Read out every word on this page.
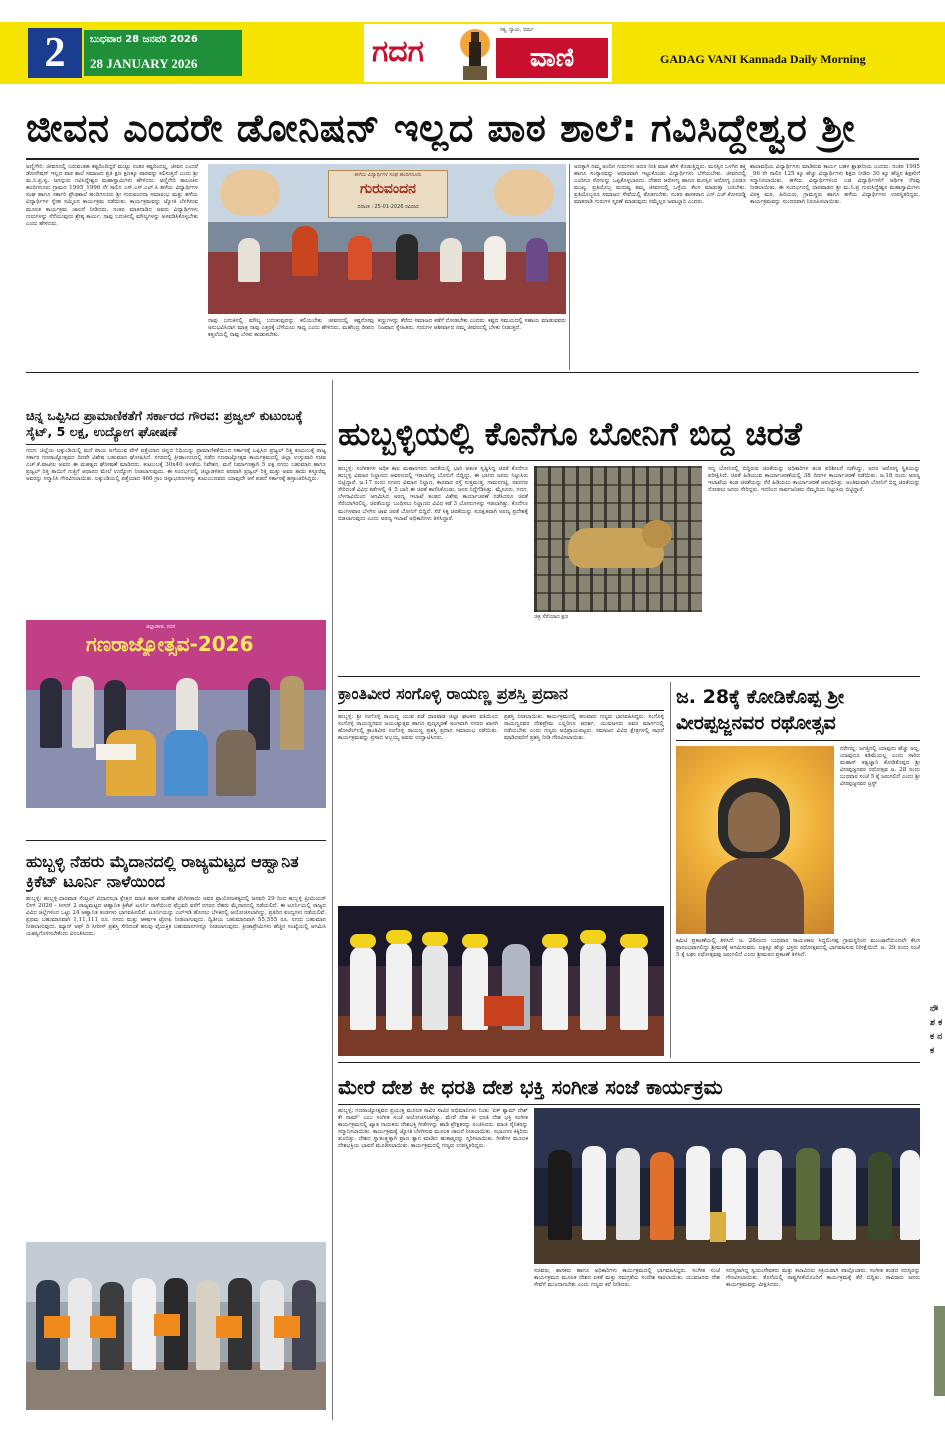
2	ಬುಧವಾರ 28 ಜನವರಿ 2026
28 JANUARY 2026	ಗದಗ
ಸತ್ಯ, ನ್ಯಾಯ, ಧರ್ಮ
ವಾಣಿ	GADAG VANI Kannada Daily Morning
ಜೀವನ ಎಂದರೇ ಡೋನಿಷನ್ ಇಲ್ಲದ ಪಾಠ ಶಾಲೆ: ಗವಿಸಿದ್ದೇಶ್ವರ ಶ್ರೀ
ಅಣ್ಣಿಗೇರಿ: ಜೀವನದಲ್ಲಿ ಬರುವಂತಹ ಕಷ್ಟದಿಂದಿದ್ದರೆ ಮುಟ್ಟು ನಂತರ ಕಷ್ಟದಿಂದಲ್ಲ, ಜೀವನ ಎಂದರೆ ಡೋನೇಷನ್ ಇಲ್ಲದ ಪಾಠ ಶಾಲೆ ಸಮಾಜದ ಪ್ರತಿ ಕ್ಷಣ ಕ್ಷಣಕ್ಕೂ ಪಾಠವನ್ನು ಕಲಿಸುತ್ತದೆ ಎಂದು ಶ್ರೀ ಮ.ನಿ.ಪ್ರ.ಸ್ವ. ಜಗದ್ಗುರು ಗವಿಸಿದ್ದೇಶ್ವರ ಮಹಾಸ್ವಾಮಿಗಳು ಹೇಳಿದರು. ಅಣ್ಣಿಗೇರಿ ತಾಲೂಕಿನ ಹಂದಿಗನೂರು ಗ್ರಾಮದ 1995_1996 ನೇ ಸಾಲಿನ ಎಸ್.ಎಸ್.ಎಲ್.ಸಿ ಹಳೆಯ ವಿದ್ಯಾರ್ಥಿಗಳ ಸಂಘ ಹಾಗೂ ಸರ್ಕಾರಿ ಪ್ರೌಢಶಾಲೆ ಹಂದಿಗನೂರು ಶ್ರೀ ಗುರುವಂದನಾ ಸಮಾರಂಭ ಮತ್ತು ಹಳೆಯ ವಿದ್ಯಾರ್ಥಿಗಳ ಸ್ನೇಹ ಸಮ್ಮಿಲನ ಕಾರ್ಯಕ್ರಮ ನಡೆಯಿತು. ಕಾರ್ಯಕ್ರಮವನ್ನು ಜ್ಯೋತಿ ಬೆಳಗಿಸುವ ಮೂಲಕ ಕಾರ್ಯಕ್ರಮ ಚಾಲನೆ ನೀಡಿದರು. ನಂತರ ಮಾತನಾಡಿದ ಅವರು ವಿದ್ಯಾರ್ಥಿಗಳು ಗುರುಗಳನ್ನು ನೆನೆಯುವುದು ಶ್ರೇಷ್ಠ ಕಾರ್ಯ. ನಾವು ಬದುಕಿನಲ್ಲಿ ಮೌಲ್ಯಗಳನ್ನು ಅಳವಡಿಸಿಕೊಳ್ಳಬೇಕು ಎಂದು ಹೇಳಿದರು.
ಹಳೆಯ ವಿದ್ಯಾರ್ಥಿಗಳ ಸಂಘ ಹಂದಿಗನೂರು
ಗುರುವಂದನ
ದಿನಾಂಕ : 25-01-2026 ರವಿವಾರ
ನಾವು ಬದುಕಿನಲ್ಲಿ ಮೌಲ್ಯ ಬದುಕುವುದನ್ನು ಕಲಿಯಬೇಕು ಜೀವನದಲ್ಲಿ ಕಷ್ಟನೋವು ಅನುಭವಿಸಿದಾಗ ಮಾತ್ರ ನಾವು ಎತ್ತರಕ್ಕೆ ಬೆಳೆಯಲು ಸಾಧ್ಯ ಎಂದು ಹೇಳಿದರು. ಮಹೇಂದ್ರ ದೀಪದ ಕತ್ತಲೆಯಲ್ಲಿ ನಾವು ಬೆಳಕು ಹುಡುಕಬೇಕು.
ಕಣ್ಣುಗಳನ್ನು ತೆರೆದು ಸಮಾಜದ ಕಡೆಗೆ ನೋಡಬೇಕು ಎಂದರು. ಕಷ್ಟದ ಸಮಯದಲ್ಲಿ ಸಹಾಯ ಮಾಡುವವರು ನಿಜವಾದ ಸ್ನೇಹಿತರು. ಗುರುಗಳ ಆಶೀರ್ವಾದ ನಮ್ಮ ಜೀವನದಲ್ಲಿ ಬೆಳಕು ನೀಡುತ್ತದೆ.
ಅದಕ್ಕಾಗಿ ನಮ್ಮ ಅಂದಿನ ಗುರುಗಳು ಅದರ ನೀತಿ ಮಾತ ಹೇಳಿ ಕೊಡುತ್ತಿದ್ದರು. ಮನಸ್ಸಿನ ಒಳಗಿನ ಶಕ್ತಿ ಹಾಗೂ ಸಂಸ್ಕಾರವನ್ನು ಆಧಾರವಾಗಿ ಇಟ್ಟುಕೊಂಡು ವಿದ್ಯಾರ್ಥಿಗಳು ಬೆಳೆಯಬೇಕು. ಜೀವನದಲ್ಲಿ ಎಂದಿಗೂ ಸೋಲನ್ನು ಒಪ್ಪಿಕೊಳ್ಳಬಾರದು. ದೇಹದ ಆರೋಗ್ಯ ಹಾಗೂ ಮನಸ್ಸಿನ ಆರೋಗ್ಯ ಎರಡೂ ಮುಖ್ಯ. ಪ್ರತಿಯೊಬ್ಬ ಮನುಷ್ಯ ತಮ್ಮ ಜೀವನದಲ್ಲಿ ಒಳ್ಳೆಯ ಕೆಲಸ ಮಾಡುತ್ತಾ ಬರಬೇಕು. ಪ್ರತಿಯೊಬ್ಬರೂ ಸಮಾಜದ ಸೇವೆಯಲ್ಲಿ ತೊಡಗಬೇಕು. ನಂತರ ಶಾಸಕರಾದ ಎನ್.ಎಚ್.ಕೋನರಡ್ಡಿ ಮಾತನಾಡಿ ಗುರುಗಳ ಸ್ಮರಣೆ ಮಾಡುವುದು ನಮ್ಮೆಲ್ಲರ ಜವಾಬ್ದಾರಿ ಎಂದರು.
ಶಾಲಾವಧಿಯ ವಿದ್ಯಾರ್ಥಿಗಳು ಮಾಡಿರುವ ಕಾರ್ಯ ಬಹಳ ಶ್ಲಾಘನೀಯ ಎಂದರು. ನಂತರ 1995 _96 ನೇ ಸಾಲಿನ 125 ಕ್ಕೂ ಹೆಚ್ಚು ವಿದ್ಯಾರ್ಥಿಗಳು ಶಿಕ್ಷಣ ನೀಡಿದ 30 ಕ್ಕೂ ಹೆಚ್ಚಿನ ಶಿಕ್ಷಕರಿಗೆ ಸನ್ಮಾನಿಸಲಾಯಿತು. ಹಳೆಯ ವಿದ್ಯಾರ್ಥಿಗಳಿಂದ ಬಡ ವಿದ್ಯಾರ್ಥಿಗಳಿಗೆ ಆರ್ಥಿಕ ನೆರವು ನೀಡಲಾಯಿತು. ಈ ಸಂದರ್ಭದಲ್ಲಿ ಧಾರವಾಡದ ಶ್ರೀ ಮ.ನಿ.ಪ್ರ ಗುರುಸಿದ್ಧೇಶ್ವರ ಮಹಾಸ್ವಾಮಿಗಳು ವಿರಕ್ತ ಮಠ, ಹಿರಿಯರು, ಗ್ರಾಮಸ್ಥರು ಹಾಗೂ ಹಳೆಯ ವಿದ್ಯಾರ್ಥಿಗಳು ಉಪಸ್ಥಿತರಿದ್ದರು. ಕಾರ್ಯಕ್ರಮವನ್ನು ಸುಂದರವಾಗಿ ನಿರೂಪಿಸಲಾಯಿತು.
ಚಿನ್ನ ಒಪ್ಪಿಸಿದ ಪ್ರಾಮಾಣಿಕತೆಗೆ ಸರ್ಕಾರದ ಗೌರವ: ಪ್ರಜ್ವಲ್ ಕುಟುಂಬಕ್ಕೆ ಸೈಟ್, 5 ಲಕ್ಷ, ಉದ್ಯೋಗ ಘೋಷಣೆ
ಗದಗ: ಜಿಲ್ಲೆಯ ಲಕ್ಕುಂಡಿಯಲ್ಲಿ ಮನೆ ಪಾಯ ಅಗೆಯುವ ವೇಳೆ ಪತ್ತೆಯಾದ ಚಿನ್ನದ ನಿಧಿಯನ್ನು ಪ್ರಾಮಾಣಿಕತೆಯಿಂದ ಸರ್ಕಾರಕ್ಕೆ ಒಪ್ಪಿಸಿದ ಪ್ರಜ್ವಲ್ ರಿತ್ತಿ ಕುಟುಂಬಕ್ಕೆ ರಾಜ್ಯ ಸರ್ಕಾರ ಗಣರಾಜ್ಯೋತ್ಸವದ ದಿನವೇ ವಿಶೇಷ ಬಹುಮಾನ ಘೋಷಿಸಿದೆ. ನಗರದಲ್ಲಿ ಕ್ರೀಡಾಂಗಣದಲ್ಲಿ ನಡೆದ ಗಣರಾಜ್ಯೋತ್ಸವ ಕಾರ್ಯಕ್ರಮದಲ್ಲಿ ಜಿಲ್ಲಾ ಉಸ್ತುವಾರಿ ಸಚಿವ ಎಚ್.ಕೆ.ಪಾಟೀಲ ಅವರು ಈ ಮಹತ್ವದ ಘೋಷಣೆ ಮಾಡಿದರು. ಕುಟುಂಬಕ್ಕೆ 30x40 ಅಳತೆಯ ನಿವೇಶನ, ಮನೆ ನಿರ್ಮಾಣಕ್ಕಾಗಿ 5 ಲಕ್ಷ ನಗದು ಬಹುಮಾನ ಹಾಗೂ ಪ್ರಜ್ವಲ್ ರಿತ್ತಿ ತಾಯಿಗೆ ಗುತ್ತಿಗೆ ಆಧಾರದ ಮೇಲೆ ಉದ್ಯೋಗ ನೀಡಲಾಗುವುದು. ಈ ಸಂದರ್ಭದಲ್ಲಿ ಜಿಲ್ಲಾಡಳಿತದ ಪರವಾಗಿ ಪ್ರಜ್ವಲ್ ರಿತ್ತಿ ಮತ್ತು ಅವರ ತಾಯಿ ಕಸ್ತೂರೆವ್ವ ಅವರನ್ನು ಸನ್ಮಾನಿಸಿ ಗೌರವಿಸಲಾಯಿತು. ಲಕ್ಕುಂಡಿಯಲ್ಲಿ ಪತ್ತೆಯಾದ 466 ಗ್ರಾಂ ಚಿನ್ನಾಭರಣಗಳನ್ನು ಕುಟುಂಬದವರು ಯಾವುದೇ ಆಸೆ ಪಡದೆ ಸರ್ಕಾರಕ್ಕೆ ಹಸ್ತಾಂತರಿಸಿದ್ದರು.
ಗಣರಾಜ್ಯೋತ್ಸವ-2026
ಜಿಲ್ಲಾಡಳಿತ, ಗದಗ
ಹುಬ್ಬಳ್ಳಿ ನೆಹರು ಮೈದಾನದಲ್ಲಿ ರಾಜ್ಯಮಟ್ಟದ ಆಹ್ವಾನಿತ ಕ್ರಿಕೆಟ್ ಟೂರ್ನಿ ನಾಳೆಯಿಂದ
ಹುಬ್ಬಳ್ಳಿ: ಹುಬ್ಬಳ್ಳಿ-ಧಾರವಾಡ ಸೆಂಟ್ರಲ್ ವಿಧಾನಸಭಾ ಕ್ಷೇತ್ರದ ಮಾಜಿ ಶಾಸಕ ಮಹೇಶ ಟೆಂಗಿನಕಾಯಿ ಅವರ ಪ್ರಾಯೋಜಕತ್ವದಲ್ಲಿ ಜನವರಿ 29 ರಿಂದ ಹುಬ್ಬಳ್ಳಿ ಪ್ರೀಮಿಯರ್ ಲೀಗ್ 2026 - ಸೀಸನ್ 2 ರಾಜ್ಯಮಟ್ಟದ ಆಹ್ವಾನಿತ ಕ್ರಿಕೆಟ್ ಟೂರ್ನಿ ನಾಳೆಯಿಂದ ಫೆಬ್ರವರಿ ವರೆಗೆ ನಗರದ ನೆಹರು ಮೈದಾನದಲ್ಲಿ ನಡೆಯಲಿದೆ. ಈ ಟೂರ್ನಿಯಲ್ಲಿ ರಾಜ್ಯದ ವಿವಿಧ ಜಿಲ್ಲೆಗಳಿಂದ ಒಟ್ಟು 24 ಆಹ್ವಾನಿತ ತಂಡಗಳು ಭಾಗವಹಿಸಲಿವೆ. ಟೂರ್ನಿಯನ್ನು ಎಲ್‌ಇಡಿ ಹೊನಲು ಬೆಳಕಿನಲ್ಲಿ ಆಯೋಜಿಸಲಾಗಿದ್ದು, ಪ್ರತಿದಿನ ಪಂದ್ಯಗಳು ನಡೆಯಲಿವೆ. ಪ್ರಥಮ ಬಹುಮಾನವಾಗಿ 1,11,111 ರೂ. ನಗದು ಮತ್ತು ಆಕರ್ಷಕ ಟ್ರೋಫಿ ನೀಡಲಾಗುವುದು. ದ್ವಿತೀಯ ಬಹುಮಾನವಾಗಿ 55,555 ರೂ. ನಗದು ಬಹುಮಾನ ನೀಡಲಾಗುವುದು. ಮ್ಯಾನ್ ಆಫ್ ದಿ ಸೀರೀಸ್ ಪ್ರಶಸ್ತಿ ಸೇರಿದಂತೆ ಹಲವು ವೈಯಕ್ತಿಕ ಬಹುಮಾನಗಳನ್ನೂ ನೀಡಲಾಗುವುದು. ಕ್ರೀಡಾಪ್ರೇಮಿಗಳು ಹೆಚ್ಚಿನ ಸಂಖ್ಯೆಯಲ್ಲಿ ಆಗಮಿಸಿ ಯಶಸ್ವಿಗೊಳಿಸಬೇಕೆಂದು ವಿನಂತಿಸಿದರು.
ಹುಬ್ಬಳ್ಳಿಯಲ್ಲಿ ಕೊನೆಗೂ ಬೋನಿಗೆ ಬಿದ್ದ ಚಿರತೆ
ಹುಬ್ಬಳ್ಳಿ: ಸಂಗೀತಗಳ ಅಧಿಕ ಕಾಲ ಮಹಾನಗರದ ಜನತೆಯಲ್ಲಿ ಭಾರಿ ಆತಂಕ ಸೃಷ್ಟಿಸಿದ್ದ ಚಿರತೆ ಕೊನೆಗೂ ಹುಬ್ಬಳ್ಳಿ ವಿಮಾನ ನಿಲ್ದಾಣದ ಆವರಣದಲ್ಲಿ ಇಡಲಾಗಿದ್ದ ಬೋನಿಗೆ ಬಿದ್ದಿದ್ದು, ಈ ಭಾಗದ ಜನರು ನಿಟ್ಟುಸಿರು ಬಿಟ್ಟಿದ್ದಾರೆ. ಜ.17 ರಂದು ನಗರದ ವಿಮಾನ ನಿಲ್ದಾಣ, ಕಾರವಾರ ರಸ್ತೆ ಸುತ್ತಮುತ್ತ, ಗಾಮನಗಟ್ಟಿ, ನವನಗರ ಸೇರಿದಂತೆ ವಿವಿಧ ಕಡೆಗಳಲ್ಲಿ 4_5 ಬಾರಿ ಈ ಚಿರತೆ ಕಾಣಿಸಿಕೊಂಡು, ಜನರ ನಿದ್ದೆಗೆಡಿಸಿತ್ತು. ಮೈಸೂರು, ಗದಗ, ಬೆಳಗಾವಿಯಿಂದ ಆಗಮಿಸಿದ ಅರಣ್ಯ ಇಲಾಖೆ ತಂಡದ ವಿಶೇಷ ಕಾರ್ಯಾಚರಣೆ ನಡೆಸಿದರೂ ಚಿರತೆ ಸೆರೆಯಾಗಿರಲಿಲ್ಲ. ಚಿರತೆಯನ್ನು ಬಂಧಿಸಲು ನಿಲ್ದಾಣದ ವಿವಿಧ ಕಡೆ 3 ಬೋನುಗಳನ್ನು ಇಡಲಾಗಿತ್ತು. ಕೊನೆಗೂ ಮಂಗಳವಾರ ಬೆಳಗಿನ ಜಾವ ಚಿರತೆ ಬೋನಿಗೆ ಬಿದ್ದಿದೆ. ಸೆರೆ ಸಿಕ್ಕ ಚಿರತೆಯನ್ನು ಸುರಕ್ಷಿತವಾಗಿ ಅರಣ್ಯ ಪ್ರದೇಶಕ್ಕೆ ಬಿಡಲಾಗುವುದು ಎಂದು ಅರಣ್ಯ ಇಲಾಖೆ ಅಧಿಕಾರಿಗಳು ತಿಳಿಸಿದ್ದಾರೆ.
ಚಿತ್ರ ಸೆರೆಯಾದ ಕ್ಷಣ
ಸದ್ಯ ಬೋನಿನಲ್ಲಿ ಬಿದ್ದಿರುವ ಚಿರತೆಯನ್ನು ಅಧಿಕಾರಿಗಳ ತಂಡ ಪರಿಶೀಲನೆ ನಡೆಸಿದ್ದು, ಅದರ ಆರೋಗ್ಯ ಸ್ಥಿತಿಯನ್ನು ಪರೀಕ್ಷಿಸಿದೆ. ಚಿರತೆ ಹಿಡಿಯುವ ಕಾರ್ಯಾಚರಣೆಯಲ್ಲಿ 38 ದಿನಗಳ ಕಾರ್ಯಾಚರಣೆ ನಡೆಯಿತು. ಜ.18 ರಂದು ಅರಣ್ಯ ಇಲಾಖೆಯ ತಂಡ ಚಿರತೆಯನ್ನು ಸೆರೆ ಹಿಡಿಯಲು ಕಾರ್ಯಾಚರಣೆ ಆರಂಭಿಸಿತ್ತು. ಅಂತಿಮವಾಗಿ ಬೋನಿಗೆ ಬಿದ್ದ ಚಿರತೆಯನ್ನು ನೋಡಲು ಜನರು ಸೇರಿದ್ದರು. ಇದರಿಂದ ಸಾರ್ವಜನಿಕರು ನೆಮ್ಮದಿಯ ನಿಟ್ಟುಸಿರು ಬಿಟ್ಟಿದ್ದಾರೆ.
ಕ್ರಾಂತಿವೀರ ಸಂಗೊಳ್ಳಿ ರಾಯಣ್ಣ ಪ್ರಶಸ್ತಿ ಪ್ರದಾನ
ಹುಬ್ಬಳ್ಳಿ: ಶ್ರೀ ಸಂಗೊಳ್ಳಿ ರಾಯಣ್ಣ ಯುವ ಪಡೆ ಧಾರವಾಡ ಜಿಲ್ಲಾ ಘಟಕದ ವತಿಯಿಂದ ಸಂಗೊಳ್ಳಿ ರಾಯಣ್ಣನವರ ಜಯಂತ್ಯುತ್ಸವ ಹಾಗೂ ಪುಣ್ಯಸ್ಮರಣೆ ಅಂಗವಾಗಿ ನಗರದ ಖಾಸಗಿ ಹೋಟೆಲ್‌ನಲ್ಲಿ ಕ್ರಾಂತಿವೀರ ಸಂಗೊಳ್ಳಿ ರಾಯಣ್ಣ ಪ್ರಶಸ್ತಿ ಪ್ರದಾನ ಸಮಾರಂಭ ನಡೆಯಿತು. ಕಾರ್ಯಕ್ರಮವನ್ನು ಪ್ರಸಾದ ಅಬ್ಬಯ್ಯ ಅವರು ಉದ್ಘಾಟಿಸಿದರು.
ಪ್ರಶಸ್ತಿ ನೀಡಲಾಯಿತು. ಕಾರ್ಯಕ್ರಮದಲ್ಲಿ ಹಲವಾರು ಗಣ್ಯರು ಭಾಗವಹಿಸಿದ್ದರು. ಸಂಗೊಳ್ಳಿ ರಾಯಣ್ಣನವರ ದೇಶಪ್ರೇಮ ಎಲ್ಲರಿಗೂ ಆದರ್ಶ. ಯುವಜನರು ಅವರ ಮಾರ್ಗದಲ್ಲಿ ನಡೆಯಬೇಕು ಎಂದು ಗಣ್ಯರು ಅಭಿಪ್ರಾಯಪಟ್ಟರು. ಸಮಾಜದ ವಿವಿಧ ಕ್ಷೇತ್ರಗಳಲ್ಲಿ ಸಾಧನೆ ಮಾಡಿದವರಿಗೆ ಪ್ರಶಸ್ತಿ ನೀಡಿ ಗೌರವಿಸಲಾಯಿತು.
ಜ. 28ಕ್ಕೆ ಕೋಡಿಕೊಪ್ಪ ಶ್ರೀ ವೀರಪ್ಪಜ್ಜನವರ ರಥೋತ್ಸವ
ನರೇಗಲ್ಲ: ಜಗತ್ತಿನಲ್ಲಿ ಯಾವುದು ಹೆಚ್ಚು ಅಲ್ಲ, ಯಾವುದೂ ಕಡಿಮೆಯಲ್ಲ ಎಂದು ಸಾರಿದ ಮಹಾನ್ ತತ್ವಜ್ಞಾನಿ ಕೋಡಿಕೊಪ್ಪದ ಶ್ರೀ ವೀರಪ್ಪಜ್ಜನವರ ರಥೋತ್ಸವ ಜ. 28 ರಂದು ಬುಧವಾರ ಸಂಜೆ 5 ಕ್ಕೆ ಜರುಗಲಿದೆ ಎಂದು ಶ್ರೀ ವೀರಪ್ಪಜ್ಜನವರ ಟ್ರಸ್ಟ್
ಕಮಿಟಿ ಪ್ರಕಟಣೆಯಲ್ಲಿ ತಿಳಿಸಿದೆ. ಜ. 28ರಂದು ಬುಧವಾರ ಸಾಯಂಕಾಲ ಸಿದ್ದಲಿಂಗಪ್ಪ ಗ್ರಾಮಸ್ಥರಿಂದ ಮುಂಜಾನೆಯಿಂದಲೇ ಕೆಲಸ ಪ್ರಾರಂಭವಾಗಲಿದ್ದು ಶ್ರೀಮಠಕ್ಕೆ ಆಗಮಿಸುವರು. ಲಕ್ಷಕ್ಕೂ ಹೆಚ್ಚು ಭಕ್ತರು ರಥೋತ್ಸವದಲ್ಲಿ ಭಾಗವಹಿಸುವ ನಿರೀಕ್ಷೆಯಿದೆ. ಜ. 29 ರಂದು ಸಂಜೆ 5 ಕ್ಕೆ ಲಘು ರಥೋತ್ಸವವು ಜರುಗಲಿದೆ ಎಂದು ಶ್ರೀಮಠದ ಪ್ರಕಟಣೆ ತಿಳಿಸಿದೆ.
ಮೇರೆ ದೇಶ ಕೀ ಧರತಿ ದೇಶ ಭಕ್ತಿ ಸಂಗೀತ ಸಂಜೆ ಕಾರ್ಯಕ್ರಮ
ಹುಬ್ಬಳ್ಳಿ: ಗಣರಾಜ್ಯೋತ್ಸವದ ಪ್ರಯುಕ್ತ ಮೂಲಕ ಸಾವಿರ ಸಾವಿರ ಅಭಿಮಾನಿಗಳು ನಿಂತು 'ಏಕ್ ಶ್ಯಾಮ್ ದೇಶ್ ಕೇ ನಾಮ್' ಎಂಬ ಸಂಗೀತ ಸಂಜೆ ಆಯೋಜಿಸಲಾಗಿತ್ತು. ಮೇರೆ ದೇಶ ಕೀ ಧರತಿ ದೇಶ ಭಕ್ತಿ ಸಂಗೀತ ಕಾರ್ಯಕ್ರಮದಲ್ಲಿ ಖ್ಯಾತ ಗಾಯಕರು ದೇಶಭಕ್ತಿ ಗೀತೆಗಳನ್ನು ಹಾಡಿ ಪ್ರೇಕ್ಷಕರನ್ನು ರಂಜಿಸಿದರು. ಮಾಜಿ ಸೈನಿಕರನ್ನು ಸನ್ಮಾನಿಸಲಾಯಿತು. ಕಾರ್ಯಕ್ರಮಕ್ಕೆ ಜ್ಯೋತಿ ಬೆಳಗಿಸುವ ಮೂಲಕ ಚಾಲನೆ ನೀಡಲಾಯಿತು. ಸಭಾಂಗಣ ಕಿಕ್ಕಿರಿದು ತುಂಬಿತ್ತು. ದೇಶದ ಸ್ವಾತಂತ್ರ್ಯಕ್ಕಾಗಿ ಪ್ರಾಣ ತ್ಯಾಗ ಮಾಡಿದ ಹುತಾತ್ಮರನ್ನು ಸ್ಮರಿಸಲಾಯಿತು. ಗೀತೆಗಳ ಮೂಲಕ ದೇಶಭಕ್ತಿಯ ಭಾವನೆ ಮೂಡಿಸಲಾಯಿತು. ಕಾರ್ಯಕ್ರಮದಲ್ಲಿ ಗಣ್ಯರು ಉಪಸ್ಥಿತರಿದ್ದರು.
ಸಚಿವರು, ಶಾಸಕರು ಹಾಗೂ ಅಧಿಕಾರಿಗಳು ಕಾರ್ಯಕ್ರಮದಲ್ಲಿ ಭಾಗವಹಿಸಿದ್ದರು. ಸಂಗೀತ ಸಂಜೆ ಕಾರ್ಯಕ್ರಮದ ಮೂಲಕ ದೇಶದ ಏಕತೆ ಮತ್ತು ಸಮಗ್ರತೆಯ ಸಂದೇಶ ಸಾರಲಾಯಿತು. ಯುವಜನರು ದೇಶ ಸೇವೆಗೆ ಮುಂದಾಗಬೇಕು ಎಂದು ಗಣ್ಯರು ಕರೆ ನೀಡಿದರು.
ಸದಸ್ಯರಾಗಿದ್ದ ಸ್ವಯಂಸೇವಕರು ಮತ್ತು ಕಲಾವಿದರು ಸಕ್ರಿಯವಾಗಿ ಪಾಲ್ಗೊಂಡರು. ಸಂಗೀತ ತಂಡದ ಸದಸ್ಯರನ್ನು ಗೌರವಿಸಲಾಯಿತು. ಕೊನೆಯಲ್ಲಿ ರಾಷ್ಟ್ರಗೀತೆಯೊಂದಿಗೆ ಕಾರ್ಯಕ್ರಮಕ್ಕೆ ತೆರೆ ಬಿದ್ದಿತು. ಸಾವಿರಾರು ಜನರು ಕಾರ್ಯಕ್ರಮವನ್ನು ವೀಕ್ಷಿಸಿದರು.
ನೌ ಶ ಕ ಕ ನ ಕ
